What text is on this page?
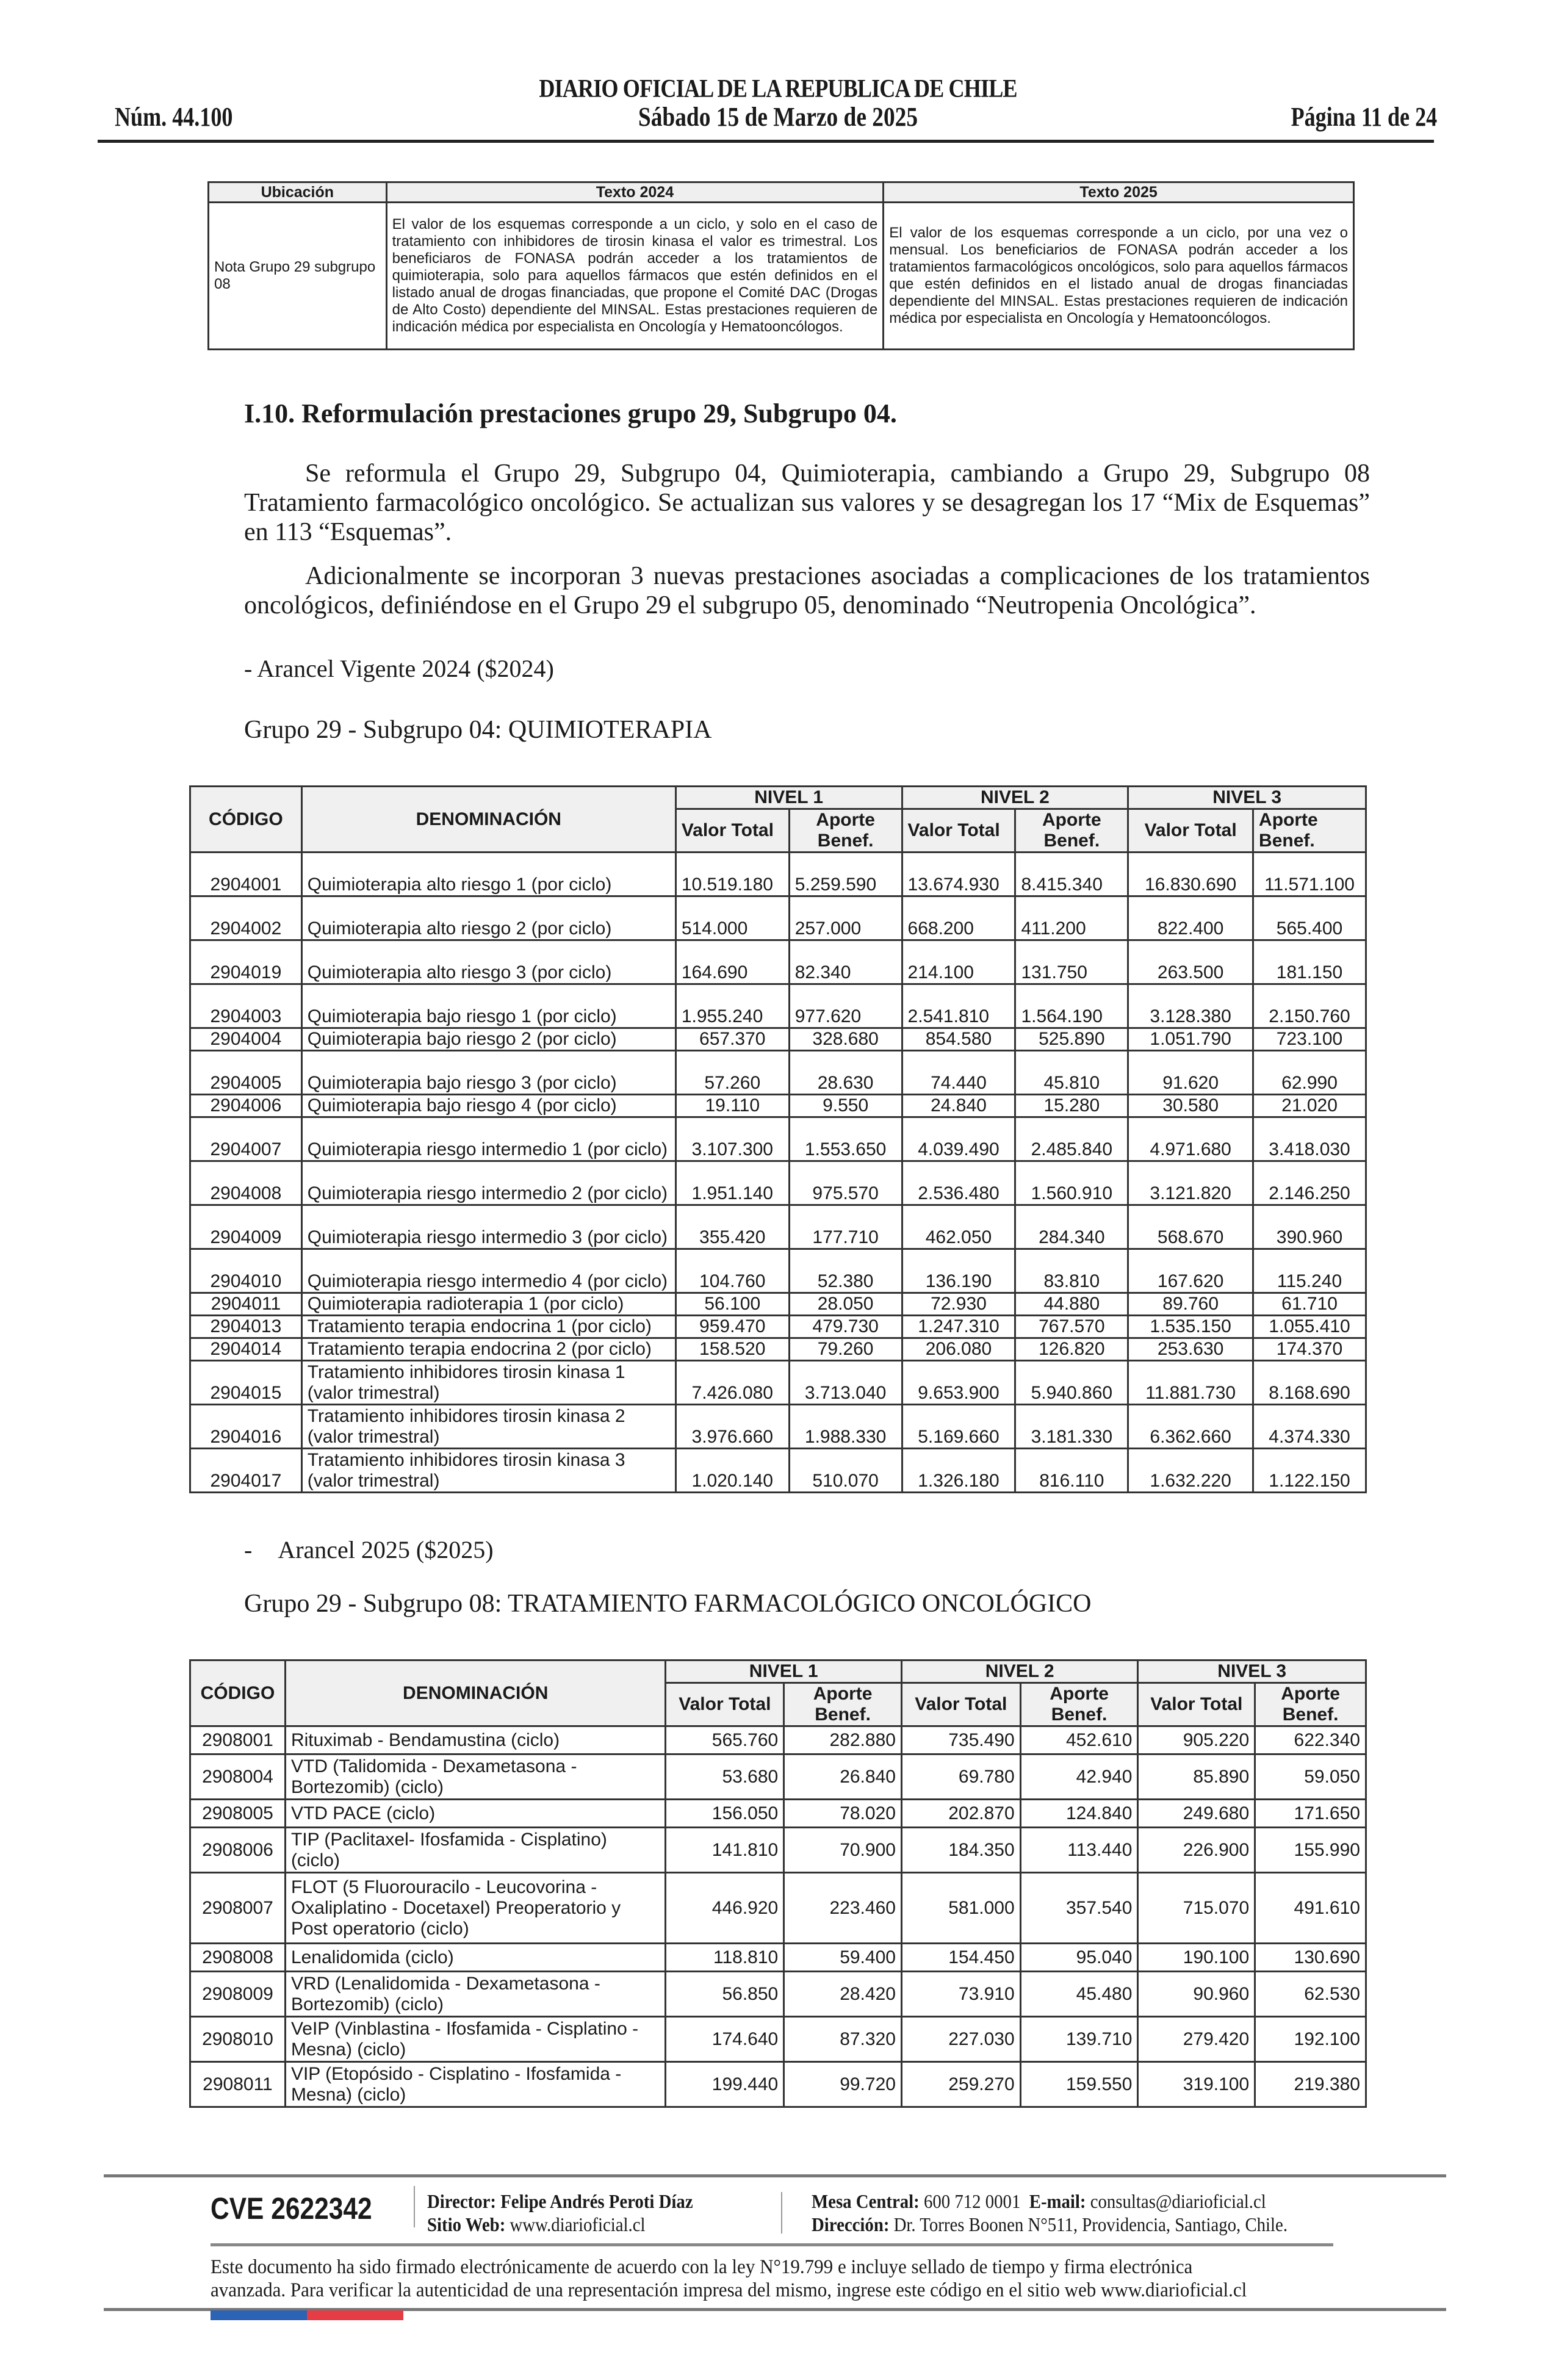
DIARIO OFICIAL DE LA REPUBLICA DE CHILE
Núm. 44.100	Sábado 15 de Marzo de 2025	Página 11 de 24
Ubicación	Texto 2024	Texto 2025
Nota Grupo 29 subgrupo 08	El valor de los esquemas corresponde a un ciclo, y solo en el caso de tratamiento con inhibidores de tirosin kinasa el valor es trimestral. Los beneficiaros de FONASA podrán acceder a los tratamientos de quimioterapia, solo para aquellos fármacos que estén definidos en el listado anual de drogas financiadas, que propone el Comité DAC (Drogas de Alto Costo) dependiente del MINSAL. Estas prestaciones requieren de indicación médica por especialista en Oncología y Hematooncólogos.	El valor de los esquemas corresponde a un ciclo, por una vez o mensual. Los beneficiarios de FONASA podrán acceder a los tratamientos farmacológicos oncológicos, solo para aquellos fármacos que estén definidos en el listado anual de drogas financiadas dependiente del MINSAL. Estas prestaciones requieren de indicación médica por especialista en Oncología y Hematooncólogos.
I.10. Reformulación prestaciones grupo 29, Subgrupo 04.
Se reformula el Grupo 29, Subgrupo 04, Quimioterapia, cambiando a Grupo 29, Subgrupo 08 Tratamiento farmacológico oncológico. Se actualizan sus valores y se desagregan los 17 “Mix de Esquemas” en 113 “Esquemas”.
Adicionalmente se incorporan 3 nuevas prestaciones asociadas a complicaciones de los tratamientos oncológicos, definiéndose en el Grupo 29 el subgrupo 05, denominado “Neutropenia Oncológica”.
- Arancel Vigente 2024 ($2024)
Grupo 29 - Subgrupo 04: QUIMIOTERAPIA
CÓDIGO	DENOMINACIÓN	NIVEL 1		NIVEL 2		NIVEL 3	
		Valor Total	Aporte Benef.	Valor Total	Aporte Benef.	Valor Total	Aporte Benef.
2904001	Quimioterapia alto riesgo 1 (por ciclo)	10.519.180	5.259.590	13.674.930	8.415.340	16.830.690	11.571.100
2904002	Quimioterapia alto riesgo 2 (por ciclo)	514.000	257.000	668.200	411.200	822.400	565.400
2904019	Quimioterapia alto riesgo 3 (por ciclo)	164.690	82.340	214.100	131.750	263.500	181.150
2904003	Quimioterapia bajo riesgo 1 (por ciclo)	1.955.240	977.620	2.541.810	1.564.190	3.128.380	2.150.760
2904004	Quimioterapia bajo riesgo 2 (por ciclo)	657.370	328.680	854.580	525.890	1.051.790	723.100
2904005	Quimioterapia bajo riesgo 3 (por ciclo)	57.260	28.630	74.440	45.810	91.620	62.990
2904006	Quimioterapia bajo riesgo 4 (por ciclo)	19.110	9.550	24.840	15.280	30.580	21.020
2904007	Quimioterapia riesgo intermedio 1 (por ciclo)	3.107.300	1.553.650	4.039.490	2.485.840	4.971.680	3.418.030
2904008	Quimioterapia riesgo intermedio 2 (por ciclo)	1.951.140	975.570	2.536.480	1.560.910	3.121.820	2.146.250
2904009	Quimioterapia riesgo intermedio 3 (por ciclo)	355.420	177.710	462.050	284.340	568.670	390.960
2904010	Quimioterapia riesgo intermedio 4 (por ciclo)	104.760	52.380	136.190	83.810	167.620	115.240
2904011	Quimioterapia radioterapia 1 (por ciclo)	56.100	28.050	72.930	44.880	89.760	61.710
2904013	Tratamiento terapia endocrina 1 (por ciclo)	959.470	479.730	1.247.310	767.570	1.535.150	1.055.410
2904014	Tratamiento terapia endocrina 2 (por ciclo)	158.520	79.260	206.080	126.820	253.630	174.370
2904015	Tratamiento inhibidores tirosin kinasa 1 (valor trimestral)	7.426.080	3.713.040	9.653.900	5.940.860	11.881.730	8.168.690
2904016	Tratamiento inhibidores tirosin kinasa 2 (valor trimestral)	3.976.660	1.988.330	5.169.660	3.181.330	6.362.660	4.374.330
2904017	Tratamiento inhibidores tirosin kinasa 3 (valor trimestral)	1.020.140	510.070	1.326.180	816.110	1.632.220	1.122.150
- Arancel 2025 ($2025)
Grupo 29 - Subgrupo 08: TRATAMIENTO FARMACOLÓGICO ONCOLÓGICO
CÓDIGO	DENOMINACIÓN	NIVEL 1		NIVEL 2		NIVEL 3	
		Valor Total	Aporte Benef.	Valor Total	Aporte Benef.	Valor Total	Aporte Benef.
2908001	Rituximab - Bendamustina (ciclo)	565.760	282.880	735.490	452.610	905.220	622.340
2908004	VTD (Talidomida - Dexametasona - Bortezomib) (ciclo)	53.680	26.840	69.780	42.940	85.890	59.050
2908005	VTD PACE (ciclo)	156.050	78.020	202.870	124.840	249.680	171.650
2908006	TIP (Paclitaxel- Ifosfamida - Cisplatino) (ciclo)	141.810	70.900	184.350	113.440	226.900	155.990
2908007	FLOT (5 Fluorouracilo - Leucovorina - Oxaliplatino - Docetaxel) Preoperatorio y Post operatorio (ciclo)	446.920	223.460	581.000	357.540	715.070	491.610
2908008	Lenalidomida (ciclo)	118.810	59.400	154.450	95.040	190.100	130.690
2908009	VRD (Lenalidomida - Dexametasona - Bortezomib) (ciclo)	56.850	28.420	73.910	45.480	90.960	62.530
2908010	VeIP (Vinblastina - Ifosfamida - Cisplatino - Mesna) (ciclo)	174.640	87.320	227.030	139.710	279.420	192.100
2908011	VIP (Etopósido - Cisplatino - Ifosfamida - Mesna) (ciclo)	199.440	99.720	259.270	159.550	319.100	219.380
CVE 2622342	Director: Felipe Andrés Peroti Díaz
Sitio Web: www.diarioficial.cl
Mesa Central: 600 712 0001 E-mail: consultas@diarioficial.cl
Dirección: Dr. Torres Boonen N°511, Providencia, Santiago, Chile.
Este documento ha sido firmado electrónicamente de acuerdo con la ley N°19.799 e incluye sellado de tiempo y firma electrónica avanzada. Para verificar la autenticidad de una representación impresa del mismo, ingrese este código en el sitio web www.diarioficial.cl
